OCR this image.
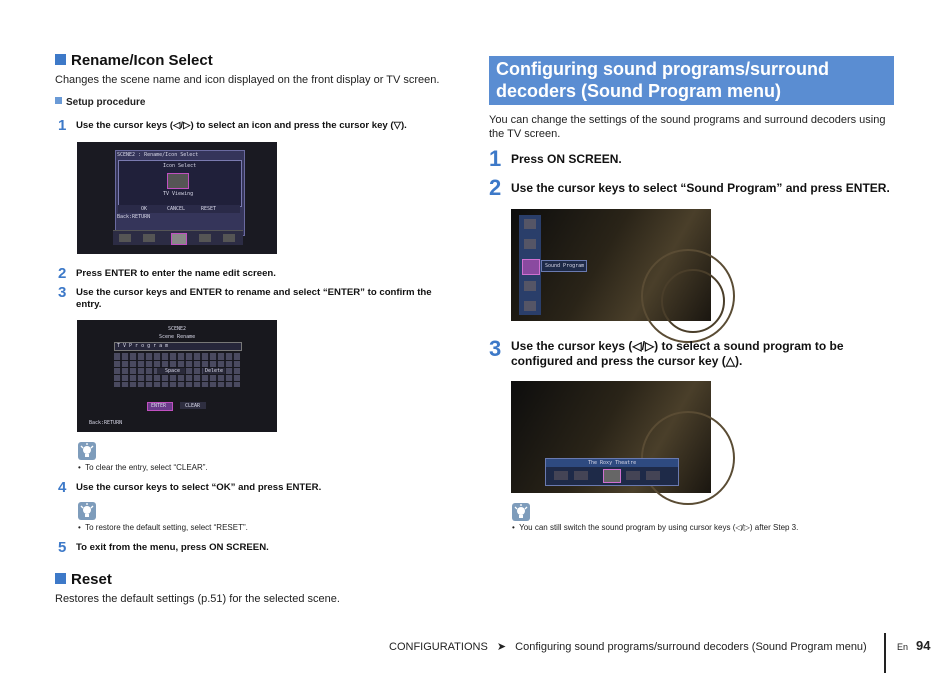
Rename/Icon Select
Changes the scene name and icon displayed on the front display or TV screen.
Setup procedure
1 Use the cursor keys (◁/▷) to select an icon and press the cursor key (▽).
SCENE2 : Rename/Icon Select
Icon Select
TV Viewing
OK	CANCEL	RESET
Back:RETURN
2 Press ENTER to enter the name edit screen.
3	Use the cursor keys and ENTER to rename and select “ENTER” to confirm the entry.
SCENE2
Scene Rename
T V P r o g r a m
Space	Delete
ENTER	CLEAR
Back:RETURN
•  To clear the entry, select “CLEAR”.
4 Use the cursor keys to select “OK” and press ENTER.
•  To restore the default setting, select “RESET”.
5 To exit from the menu, press ON SCREEN.
Reset
Restores the default settings (p.51) for the selected scene.
Configuring sound programs/surround decoders (Sound Program menu)
You can change the settings of the sound programs and surround decoders using the TV screen.
1 Press ON SCREEN.
2 Use the cursor keys to select “Sound Program” and press ENTER.
Sound Program
3 Use the cursor keys (◁/▷) to select a sound program to be configured and press the cursor key (△).
The Roxy Theatre
•  You can still switch the sound program by using cursor keys (◁/▷) after Step 3.
CONFIGURATIONS ➤ Configuring sound programs/surround decoders (Sound Program menu)	En 94
